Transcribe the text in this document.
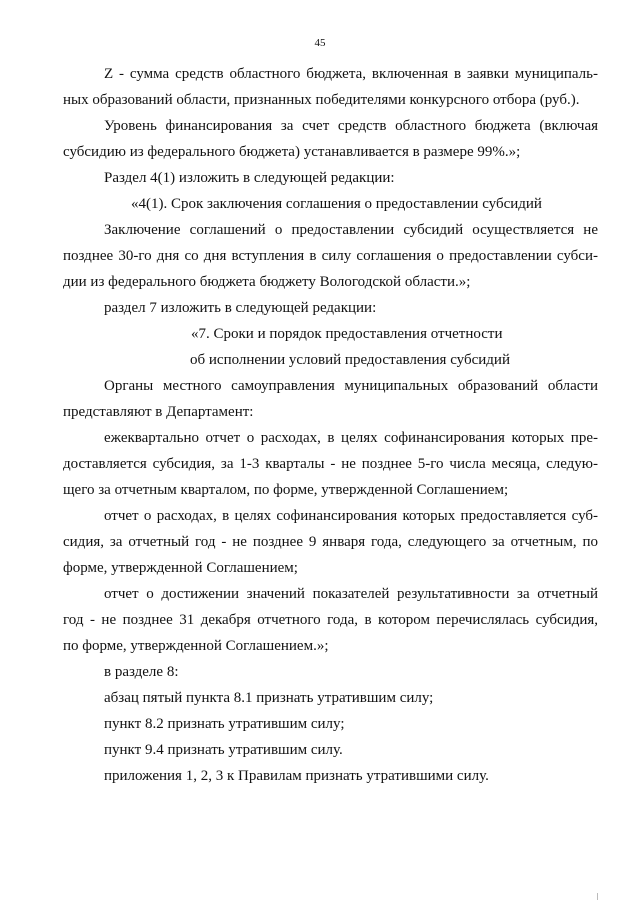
45
Z - сумма средств областного бюджета, включенная в заявки муниципаль-
ных образований области, признанных победителями конкурсного отбора (руб.).
Уровень финансирования за счет средств областного бюджета (включая
субсидию из федерального бюджета) устанавливается в размере 99%.»;
Раздел 4(1) изложить в следующей редакции:
«4(1). Срок заключения соглашения о предоставлении субсидий
Заключение соглашений о предоставлении субсидий осуществляется не
позднее 30-го дня со дня вступления в силу соглашения о предоставлении субси-
дии из федерального бюджета бюджету Вологодской области.»;
раздел 7 изложить в следующей редакции:
«7. Сроки и порядок предоставления отчетности
об исполнении условий предоставления субсидий
Органы местного самоуправления муниципальных образований области
представляют в Департамент:
ежеквартально отчет о расходах, в целях софинансирования которых пре-
доставляется субсидия, за 1-3 кварталы - не позднее 5-го числа месяца, следую-
щего за отчетным кварталом, по форме, утвержденной Соглашением;
отчет о расходах, в целях софинансирования которых предоставляется суб-
сидия, за отчетный год - не позднее 9 января года, следующего за отчетным, по
форме, утвержденной Соглашением;
отчет о достижении значений показателей результативности за отчетный
год - не позднее 31 декабря отчетного года, в котором перечислялась субсидия,
по форме, утвержденной Соглашением.»;
в разделе 8:
абзац пятый пункта 8.1 признать утратившим силу;
пункт 8.2 признать утратившим силу;
пункт 9.4 признать утратившим силу.
приложения 1, 2, 3 к Правилам признать утратившими силу.
